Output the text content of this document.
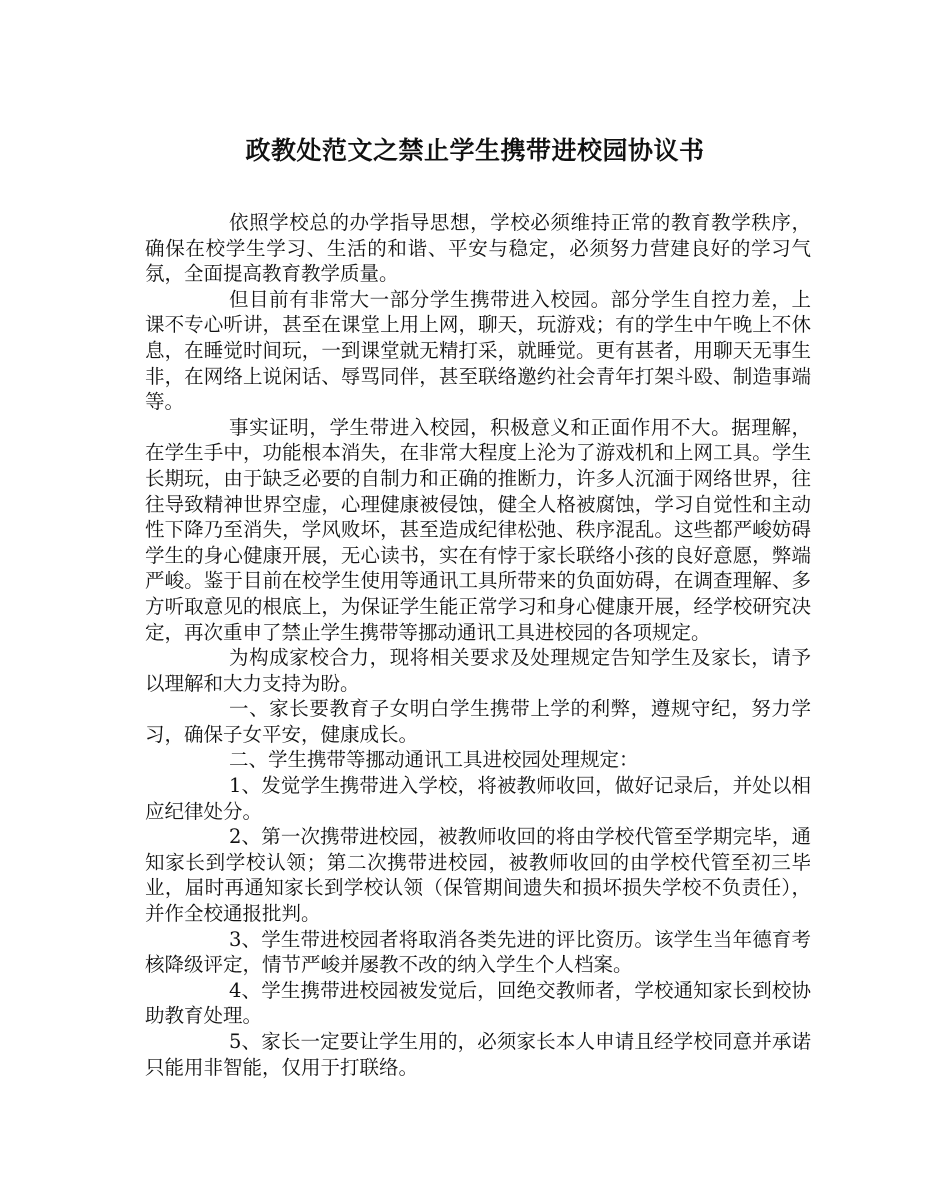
政教处范文之禁止学生携带进校园协议书

依照学校总的办学指导思想，学校必须维持正常的教育教学秩序，确保在校学生学习、生活的和谐、平安与稳定，必须努力营建良好的学习气氛，全面提高教育教学质量。

但目前有非常大一部分学生携带进入校园。部分学生自控力差，上课不专心听讲，甚至在课堂上用上网，聊天，玩游戏；有的学生中午晚上不休息，在睡觉时间玩，一到课堂就无精打采，就睡觉。更有甚者，用聊天无事生非，在网络上说闲话、辱骂同伴，甚至联络邀约社会青年打架斗殴、制造事端等。

事实证明，学生带进入校园，积极意义和正面作用不大。据理解，在学生手中，功能根本消失，在非常大程度上沦为了游戏机和上网工具。学生长期玩，由于缺乏必要的自制力和正确的推断力，许多人沉湎于网络世界，往往导致精神世界空虚，心理健康被侵蚀，健全人格被腐蚀，学习自觉性和主动性下降乃至消失，学风败坏，甚至造成纪律松弛、秩序混乱。这些都严峻妨碍学生的身心健康开展，无心读书，实在有悖于家长联络小孩的良好意愿，弊端严峻。鉴于目前在校学生使用等通讯工具所带来的负面妨碍，在调查理解、多方听取意见的根底上，为保证学生能正常学习和身心健康开展，经学校研究决定，再次重申了禁止学生携带等挪动通讯工具进校园的各项规定。

为构成家校合力，现将相关要求及处理规定告知学生及家长，请予以理解和大力支持为盼。

一、家长要教育子女明白学生携带上学的利弊，遵规守纪，努力学习，确保子女平安，健康成长。

二、学生携带等挪动通讯工具进校园处理规定：

1、发觉学生携带进入学校，将被教师收回，做好记录后，并处以相应纪律处分。

2、第一次携带进校园，被教师收回的将由学校代管至学期完毕，通知家长到学校认领；第二次携带进校园，被教师收回的由学校代管至初三毕业，届时再通知家长到学校认领（保管期间遗失和损坏损失学校不负责任），并作全校通报批判。

3、学生带进校园者将取消各类先进的评比资历。该学生当年德育考核降级评定，情节严峻并屡教不改的纳入学生个人档案。

4、学生携带进校园被发觉后，回绝交教师者，学校通知家长到校协助教育处理。

5、家长一定要让学生用的，必须家长本人申请且经学校同意并承诺只能用非智能，仅用于打联络。
